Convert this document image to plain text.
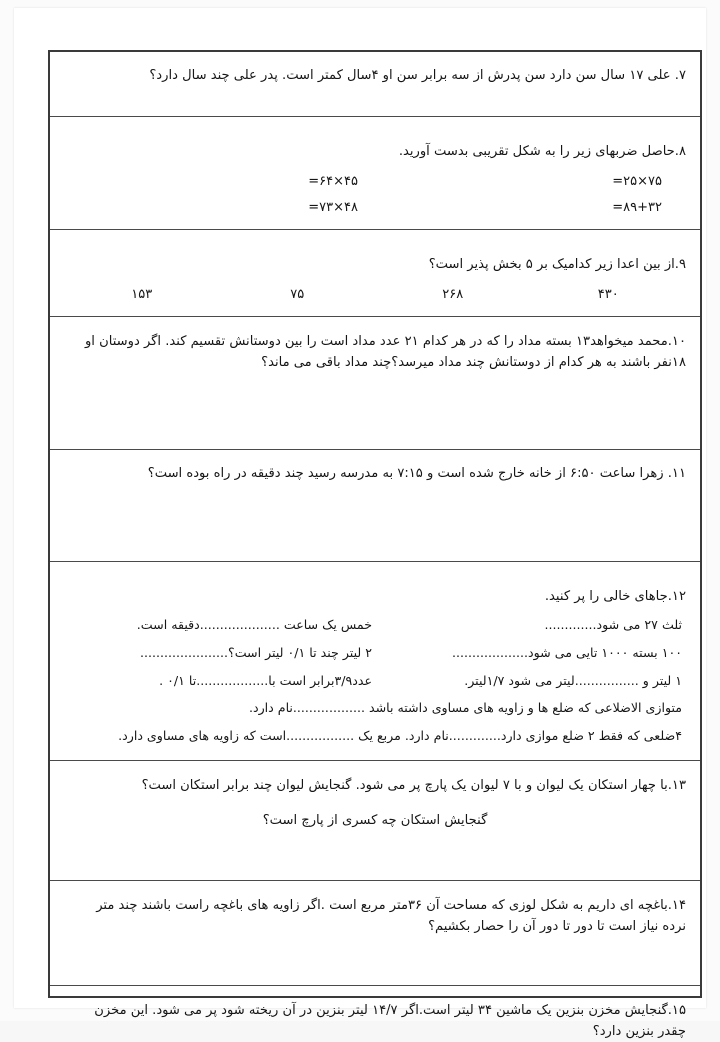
۷. علی ۱۷ سال سن دارد سن پدرش از سه برابر سن او ۴سال کمتر است. پدر علی چند سال دارد؟
۸.حاصل ضربهای زیر را به شکل تقریبی بدست آورید.
۷۵×۲۵=
۴۵×۶۴=
۸۹+۳۲=
۴۸×۷۳=
۹.از بین اعدا زیر کدامیک بر ۵ بخش پذیر است؟
۴۳۰
۲۶۸
۷۵
۱۵۳
۱۰.محمد میخواهد۱۳ بسته مداد را که در هر کدام ۲۱ عدد مداد است را بین دوستانش تقسیم کند. اگر دوستان او
۱۸نفر باشند به هر کدام از دوستانش چند مداد میرسد؟چند مداد باقی می ماند؟
۱۱. زهرا ساعت ۶:۵۰ از خانه خارج شده است و ۷:۱۵ به مدرسه رسید چند دقیقه در راه بوده است؟
۱۲.جاهای خالی را پر کنید.
ثلث ۲۷ می شود.............
خمس یک ساعت ....................دقیقه است.
۱۰۰ بسته ۱۰۰۰ تایی می شود...................
۲ لیتر چند تا ۰/۱ لیتر است؟......................
۱ لیتر و ................لیتر می شود ۱/۷لیتر.
عدد۳/۹برابر است با..................تا ۰/۱ .
متوازی الاضلاعی که ضلع ها و زاویه های مساوی داشته باشد ..................نام دارد.
۴ضلعی که فقط ۲ ضلع موازی دارد.............نام دارد. مربع یک .................است که زاویه های مساوی دارد.
۱۳.با چهار استکان یک لیوان و با ۷ لیوان یک پارچ پر می شود. گنجایش لیوان چند برابر استکان است؟
گنجایش استکان چه کسری از پارچ است؟
۱۴.باغچه ای داریم به شکل لوزی که مساحت آن ۳۶متر مربع است .اگر زاویه های باغچه راست باشند چند متر
نرده نیاز است تا دور تا دور آن را حصار بکشیم؟
۱۵.گنجایش مخزن بنزین یک ماشین ۳۴ لیتر است.اگر ۱۴/۷ لیتر بنزین در آن ریخته شود پر می شود. این مخزن
چقدر بنزین دارد؟
